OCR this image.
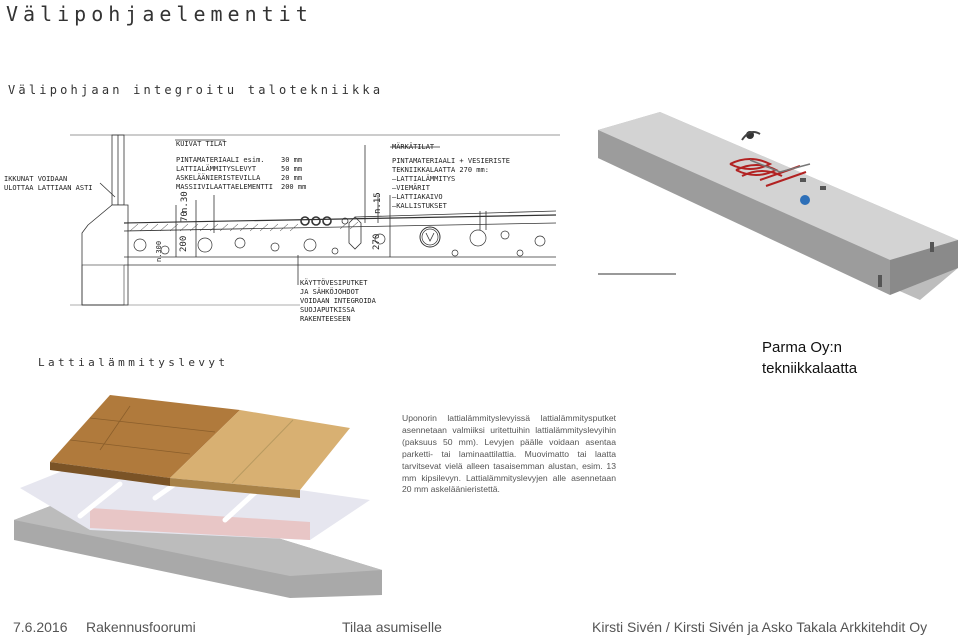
Välipohjaelementit
Välipohjaan integroitu talotekniikka
IKKUNAT VOIDAAN
ULOTTAA LATTIAAN ASTI
KUIVAT TILAT
PINTAMATERIAALI esim.
LATTIALÄMMITYSLEVYT
ASKELÄÄNIERISTEVILLA
MASSIIVILAATTAELEMENTTI
30 mm
50 mm
20 mm
200 mm
MÄRKÄTILAT
PINTAMATERIAALI + VESIERISTE
TEKNIIKKALAATTA 270 mm:
—LATTIALÄMMITYS
—VIEMÄRIT
—LATTIAKAIVO
—KALLISTUKSET
KÄYTTÖVESIPUTKET
JA SÄHKÖJOHDOT
VOIDAAN INTEGROIDA
SUOJAPUTKISSA
RAKENTEESEEN
n.300 200
70
n.30
270
n.15
Parma Oy:n
tekniikkalaatta
Lattialämmityslevyt
Uponorin lattialämmityslevyissä lattialämmitysputket asennetaan valmiiksi uritettuihin lattialämmityslevyihin (paksuus 50 mm). Levyjen päälle voidaan asentaa parketti- tai laminaattilattia. Muovimatto tai laatta tarvitsevat vielä alleen tasaisemman alustan, esim. 13 mm kipsilevyn. Lattialämmityslevyjen alle asennetaan 20 mm askeläänieristettä.
7.6.2016 Rakennusfoorumi	Tilaa asumiselle	Kirsti Sivén / Kirsti Sivén ja Asko Takala Arkkitehdit Oy
